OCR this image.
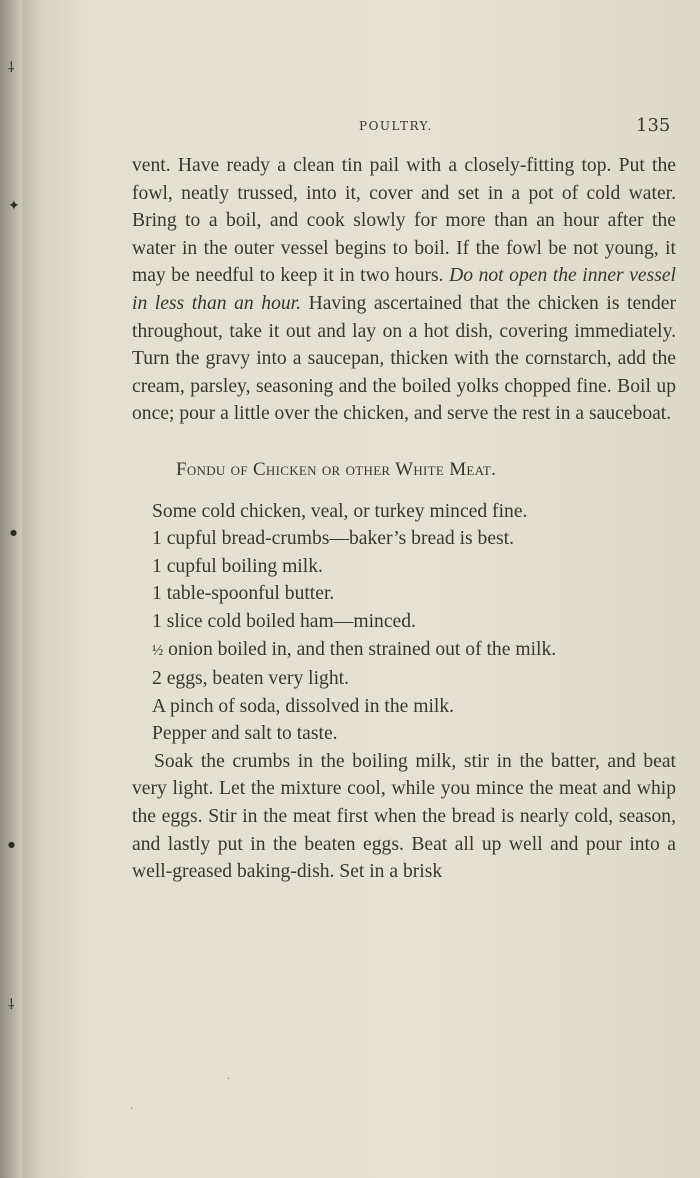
⸸
✦
●
●
⸸
POULTRY.	135

vent. Have ready a clean tin pail with a closely-fitting top. Put the fowl, neatly trussed, into it, cover and set in a pot of cold water. Bring to a boil, and cook slowly for more than an hour after the water in the outer vessel begins to boil. If the fowl be not young, it may be needful to keep it in two hours. Do not open the inner vessel in less than an hour. Having ascertained that the chicken is tender throughout, take it out and lay on a hot dish, covering immediately. Turn the gravy into a saucepan, thicken with the cornstarch, add the cream, parsley, seasoning and the boiled yolks chopped fine. Boil up once; pour a little over the chicken, and serve the rest in a sauceboat.

Fondu of Chicken or other White Meat.

Some cold chicken, veal, or turkey minced fine.

1 cupful bread-crumbs—baker’s bread is best.

1 cupful boiling milk.

1 table-spoonful butter.

1 slice cold boiled ham—minced.

½ onion boiled in, and then strained out of the milk.

2 eggs, beaten very light.

A pinch of soda, dissolved in the milk.

Pepper and salt to taste.

Soak the crumbs in the boiling milk, stir in the batter, and beat very light. Let the mixture cool, while you mince the meat and whip the eggs. Stir in the meat first when the bread is nearly cold, season, and lastly put in the beaten eggs. Beat all up well and pour into a well-greased baking-dish. Set in a brisk

·
·
